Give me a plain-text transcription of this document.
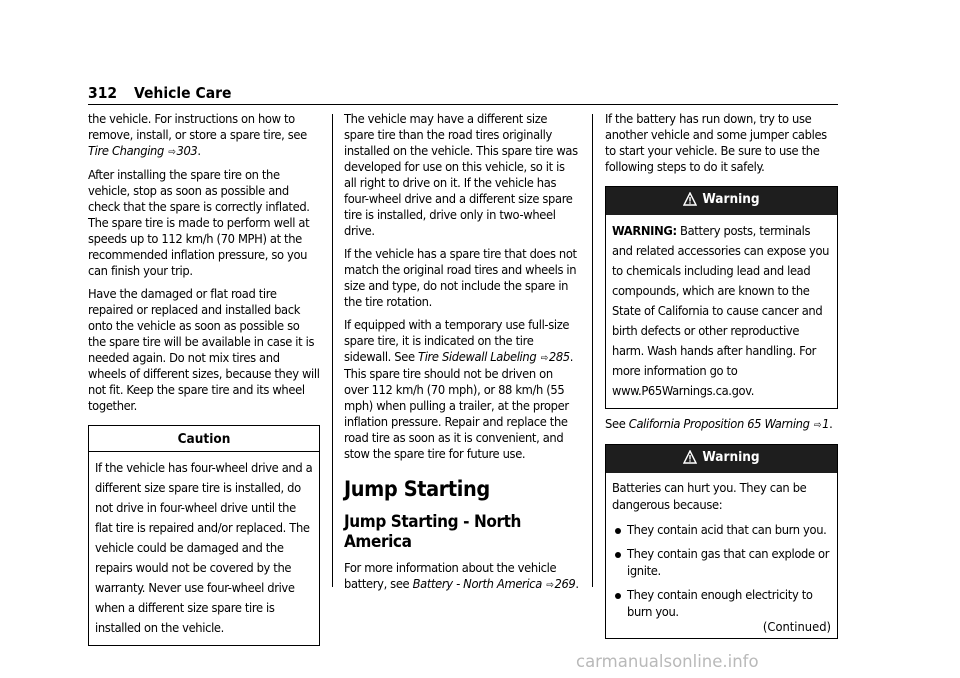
312 Vehicle Care

the vehicle. For instructions on how to remove, install, or store a spare tire, see Tire Changing ⇨303.

After installing the spare tire on the vehicle, stop as soon as possible and check that the spare is correctly inflated. The spare tire is made to perform well at speeds up to 112 km/h (70 MPH) at the recommended inflation pressure, so you can finish your trip.

Have the damaged or flat road tire repaired or replaced and installed back onto the vehicle as soon as possible so the spare tire will be available in case it is needed again. Do not mix tires and wheels of different sizes, because they will not fit. Keep the spare tire and its wheel together.

Caution

If the vehicle has four-wheel drive and a different size spare tire is installed, do not drive in four-wheel drive until the flat tire is repaired and/or replaced. The vehicle could be damaged and the repairs would not be covered by the warranty. Never use four-wheel drive when a different size spare tire is installed on the vehicle.

The vehicle may have a different size spare tire than the road tires originally installed on the vehicle. This spare tire was developed for use on this vehicle, so it is all right to drive on it. If the vehicle has four-wheel drive and a different size spare tire is installed, drive only in two-wheel drive.

If the vehicle has a spare tire that does not match the original road tires and wheels in size and type, do not include the spare in the tire rotation.

If equipped with a temporary use full-size spare tire, it is indicated on the tire sidewall. See Tire Sidewall Labeling ⇨285. This spare tire should not be driven on over 112 km/h (70 mph), or 88 km/h (55 mph) when pulling a trailer, at the proper inflation pressure. Repair and replace the road tire as soon as it is convenient, and stow the spare tire for future use.

Jump Starting
Jump Starting - North America

For more information about the vehicle battery, see Battery - North America ⇨269.

If the battery has run down, try to use another vehicle and some jumper cables to start your vehicle. Be sure to use the following steps to do it safely.

Warning

WARNING: Battery posts, terminals and related accessories can expose you to chemicals including lead and lead compounds, which are known to the State of California to cause cancer and birth defects or other reproductive harm. Wash hands after handling. For more information go to www.P65Warnings.ca.gov.

See California Proposition 65 Warning ⇨1.

Warning

Batteries can hurt you. They can be dangerous because:

They contain acid that can burn you.
They contain gas that can explode or ignite.
They contain enough electricity to burn you.
(Continued)
carmanualsonline.info
